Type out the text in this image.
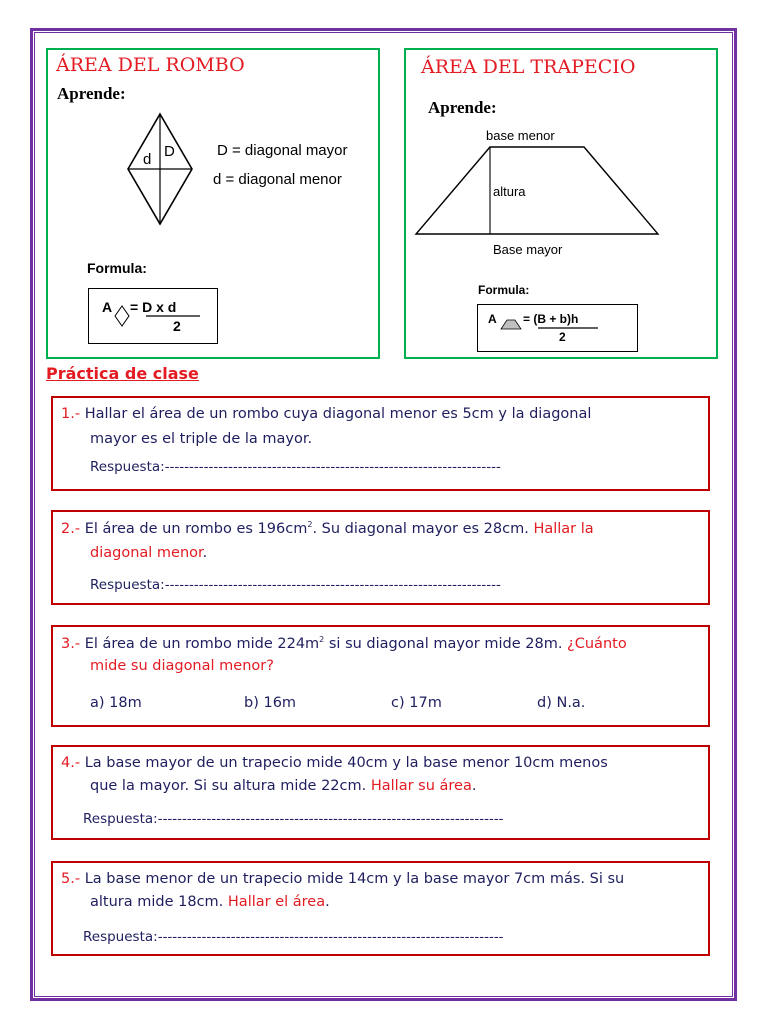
ÁREA DEL ROMBO
Aprende:
D
d
D = diagonal mayor
d = diagonal menor
Formula:
A = D x d
2
ÁREA DEL TRAPECIO
Aprende:
base menor
altura
Base mayor
Formula:
A = (B + b)h
2
Práctica de clase
1.- Hallar el área de un rombo cuya diagonal menor es 5cm y la diagonal
mayor es el triple de la mayor.
Respuesta:---------------------------------------------------------------------
2.- El área de un rombo es $196cm^2$. Su diagonal mayor es 28cm. Hallar la
diagonal menor.
Respuesta:---------------------------------------------------------------------
3.- El área de un rombo mide $224m^2$ si su diagonal mayor mide 28m. ¿Cuánto
mide su diagonal menor?
a) 18m	b) 16m	c) 17m	d) N.a.
4.- La base mayor de un trapecio mide 40cm y la base menor 10cm menos
que la mayor. Si su altura mide 22cm. Hallar su área.
Respuesta:-----------------------------------------------------------------------
5.- La base menor de un trapecio mide 14cm y la base mayor 7cm más. Si su
altura mide 18cm. Hallar el área.
Respuesta:-----------------------------------------------------------------------
